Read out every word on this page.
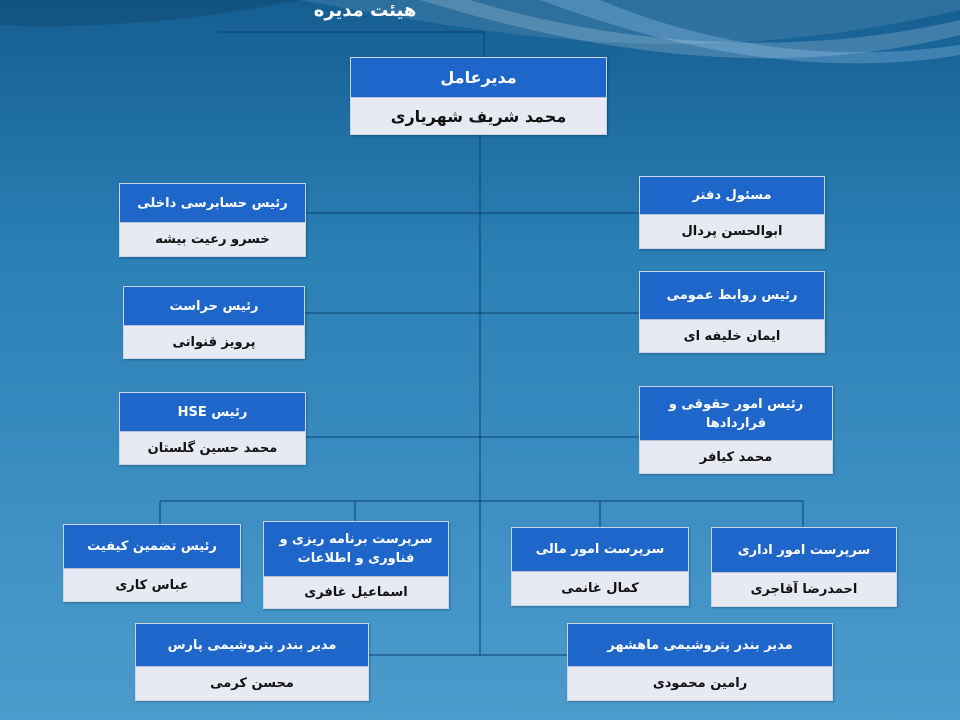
هیئت مدیره
مدیرعامل
محمد شریف شهریاری
رئیس حسابرسی داخلی
خسرو رعیت بیشه
رئیس حراست
پرویز قنواتی
رئیس HSE
محمد حسین گلستان
مسئول دفتر
ابوالحسن پردال
رئیس روابط عمومی
ایمان خلیفه ای
رئیس امور حقوقی و قراردادها
محمد کیافر
سرپرست امور اداری
احمدرضا آقاجری
سرپرست امور مالی
کمال غانمی
سرپرست برنامه ریزی و فناوری و اطلاعات
اسماعیل غافری
رئیس تضمین کیفیت
عباس کاری
مدیر بندر پتروشیمی ماهشهر
رامین محمودی
مدیر بندر پتروشیمی پارس
محسن کرمی
